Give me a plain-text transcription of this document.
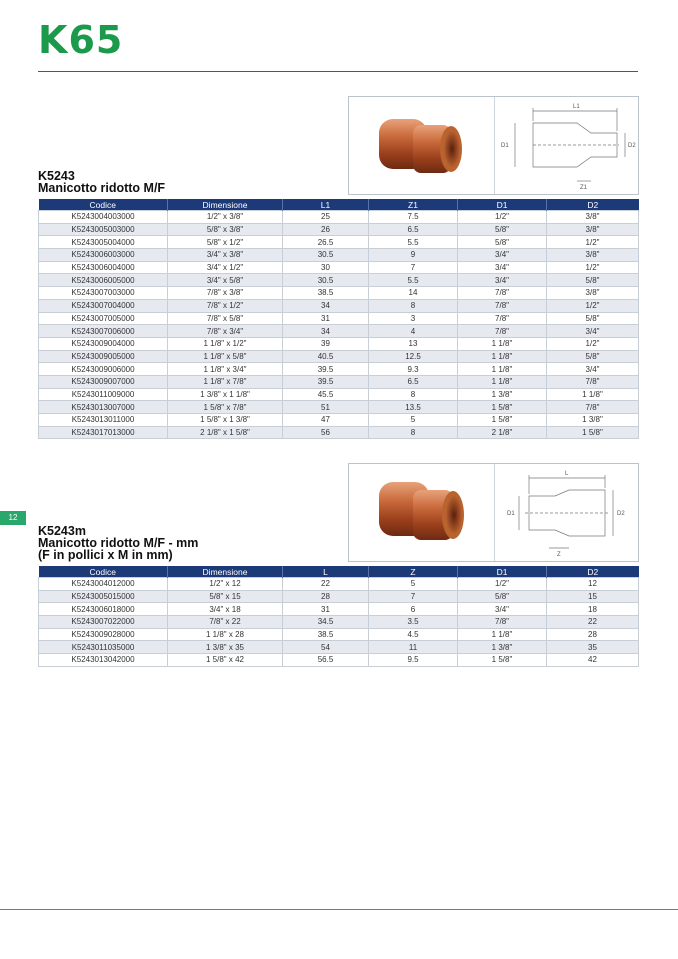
K65
12
L1
D1	D2
Z1
K5243
Manicotto ridotto M/F
Codice	Dimensione	L1	Z1	D1	D2
K5243004003000	1/2" x 3/8"	25	7.5	1/2"	3/8"
K5243005003000	5/8" x 3/8"	26	6.5	5/8"	3/8"
K5243005004000	5/8" x 1/2"	26.5	5.5	5/8"	1/2"
K5243006003000	3/4" x 3/8"	30.5	9	3/4"	3/8"
K5243006004000	3/4" x 1/2"	30	7	3/4"	1/2"
K5243006005000	3/4" x 5/8"	30.5	5.5	3/4"	5/8"
K5243007003000	7/8" x 3/8"	38.5	14	7/8"	3/8"
K5243007004000	7/8" x 1/2"	34	8	7/8"	1/2"
K5243007005000	7/8" x 5/8"	31	3	7/8"	5/8"
K5243007006000	7/8" x 3/4"	34	4	7/8"	3/4"
K5243009004000	1 1/8" x 1/2"	39	13	1 1/8"	1/2"
K5243009005000	1 1/8" x 5/8"	40.5	12.5	1 1/8"	5/8"
K5243009006000	1 1/8" x 3/4"	39.5	9.3	1 1/8"	3/4"
K5243009007000	1 1/8" x 7/8"	39.5	6.5	1 1/8"	7/8"
K5243011009000	1 3/8" x 1 1/8"	45.5	8	1 3/8"	1 1/8"
K5243013007000	1 5/8" x 7/8"	51	13.5	1 5/8"	7/8"
K5243013011000	1 5/8" x 1 3/8"	47	5	1 5/8"	1 3/8"
K5243017013000	2 1/8" x 1 5/8"	56	8	2 1/8"	1 5/8"
L
D1	D2
Z
K5243m
Manicotto ridotto M/F - mm
(F in pollici x M in mm)
Codice	Dimensione	L	Z	D1	D2
K5243004012000	1/2" x 12	22	5	1/2"	12
K5243005015000	5/8" x 15	28	7	5/8"	15
K5243006018000	3/4" x 18	31	6	3/4"	18
K5243007022000	7/8" x 22	34.5	3.5	7/8"	22
K5243009028000	1 1/8" x 28	38.5	4.5	1 1/8"	28
K5243011035000	1 3/8" x 35	54	11	1 3/8"	35
K5243013042000	1 5/8" x 42	56.5	9.5	1 5/8"	42
